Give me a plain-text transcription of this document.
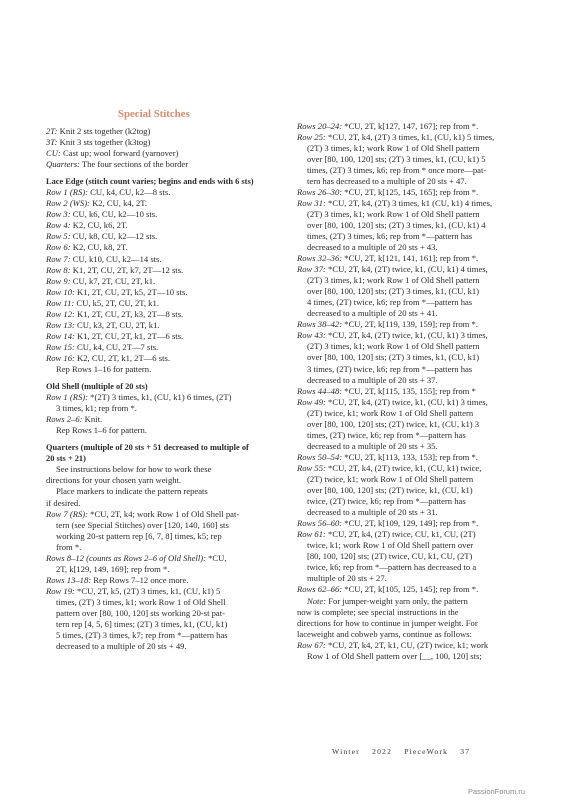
Special Stitches
2T: Knit 2 sts together (k2tog)
3T: Knit 3 sts together (k3tog)
CU: Cast up; wool forward (yarnover)
Quarters: The four sections of the border
Lace Edge (stitch count varies; begins and ends with 6 sts)
Row 1 (RS): CU, k4, CU, k2—8 sts.
Row 2 (WS): K2, CU, k4, 2T.
Row 3: CU, k6, CU, k2—10 sts.
Row 4: K2, CU, k6, 2T.
Row 5: CU, k8, CU, k2—12 sts.
Row 6: K2, CU, k8, 2T.
Row 7: CU, k10, CU, k2—14 sts.
Row 8: K1, 2T, CU, 2T, k7, 2T—12 sts.
Row 9: CU, k7, 2T, CU, 2T, k1.
Row 10: K1, 2T, CU, 2T, k5, 2T—10 sts.
Row 11: CU, k5, 2T, CU, 2T, k1.
Row 12: K1, 2T, CU, 2T, k3, 2T—8 sts.
Row 13: CU, k3, 2T, CU, 2T, k1.
Row 14: K1, 2T, CU, 2T, k1, 2T—6 sts.
Row 15: CU, k4, CU, 2T—7 sts.
Row 16: K2, CU, 2T, k1, 2T—6 sts.
Rep Rows 1–16 for pattern.
Old Shell (multiple of 20 sts)
Row 1 (RS): *(2T) 3 times, k1, (CU, k1) 6 times, (2T)
3 times, k1; rep from *.
Rows 2–6: Knit.
Rep Rows 1–6 for pattern.
Quarters (multiple of 20 sts + 51 decreased to multiple of
20 sts + 21)
See instructions below for how to work these
directions for your chosen yarn weight.
Place markers to indicate the pattern repeats
if desired.
Row 7 (RS): *CU, 2T, k4; work Row 1 of Old Shell pat-
tern (see Special Stitches) over [120, 140, 160] sts
working 20-st pattern rep [6, 7, 8] times, k5; rep
from *.
Rows 8–12 (counts as Rows 2–6 of Old Shell): *CU,
2T, k[129, 149, 169]; rep from *.
Rows 13–18: Rep Rows 7–12 once more.
Row 19: *CU, 2T, k5, (2T) 3 times, k1, (CU, k1) 5
times, (2T) 3 times, k1; work Row 1 of Old Shell
pattern over [80, 100, 120] sts working 20-st pat-
tern rep [4, 5, 6] times; (2T) 3 times, k1, (CU, k1)
5 times, (2T) 3 times, k7; rep from *—pattern has
decreased to a multiple of 20 sts + 49.
Rows 20–24: *CU, 2T, k[127, 147, 167]; rep from *.
Row 25: *CU, 2T, k4, (2T) 3 times, k1, (CU, k1) 5 times,
(2T) 3 times, k1; work Row 1 of Old Shell pattern
over [80, 100, 120] sts; (2T) 3 times, k1, (CU, k1) 5
times, (2T) 3 times, k6; rep from * once more—pat-
tern has decreased to a multiple of 20 sts + 47.
Rows 26–30: *CU, 2T, k[125, 145, 165]; rep from *.
Row 31: *CU, 2T, k4, (2T) 3 times, k1 (CU, k1) 4 times,
(2T) 3 times, k1; work Row 1 of Old Shell pattern
over [80, 100, 120] sts; (2T) 3 times, k1, (CU, k1) 4
times, (2T) 3 times, k6; rep from *—pattern has
decreased to a multiple of 20 sts + 43.
Rows 32–36: *CU, 2T, k[121, 141, 161]; rep from *.
Row 37: *CU, 2T, k4, (2T) twice, k1, (CU, k1) 4 times,
(2T) 3 times, k1; work Row 1 of Old Shell pattern
over [80, 100, 120] sts; (2T) 3 times, k1, (CU, k1)
4 times, (2T) twice, k6; rep from *—pattern has
decreased to a multiple of 20 sts + 41.
Rows 38–42: *CU, 2T, k[119, 139, 159]; rep from *.
Row 43: *CU, 2T, k4, (2T) twice, k1, (CU, k1) 3 times,
(2T) 3 times, k1; work Row 1 of Old Shell pattern
over [80, 100, 120] sts; (2T) 3 times, k1, (CU, k1)
3 times, (2T) twice, k6; rep from *—pattern has
decreased to a multiple of 20 sts + 37.
Rows 44–48: *CU, 2T, k[115, 135, 155]; rep from *
Row 49: *CU, 2T, k4, (2T) twice, k1, (CU, k1) 3 times,
(2T) twice, k1; work Row 1 of Old Shell pattern
over [80, 100, 120] sts; (2T) twice, k1, (CU, k1) 3
times, (2T) twice, k6; rep from *—pattern has
decreased to a multiple of 20 sts + 35.
Rows 50–54: *CU, 2T, k[113, 133, 153]; rep from *.
Row 55: *CU, 2T, k4, (2T) twice, k1, (CU, k1) twice,
(2T) twice, k1; work Row 1 of Old Shell pattern
over [80, 100, 120] sts; (2T) twice, k1, (CU, k1)
twice, (2T) twice, k6; rep from *—pattern has
decreased to a multiple of 20 sts + 31.
Rows 56–60: *CU, 2T, k[109, 129, 149]; rep from *.
Row 61: *CU, 2T, k4, (2T) twice, CU, k1, CU, (2T)
twice, k1; work Row 1 of Old Shell pattern over
[80, 100, 120] sts; (2T) twice, CU, k1, CU, (2T)
twice, k6; rep from *—pattern has decreased to a
multiple of 20 sts + 27.
Rows 62–66: *CU, 2T, k[105, 125, 145]; rep from *.
Note: For jumper-weight yarn only, the pattern
now is complete; see special instructions in the
directions for how to continue in jumper weight. For
laceweight and cobweb yarns, continue as follows:
Row 67: *CU, 2T, k4, 2T, k1, CU, (2T) twice, k1; work
Row 1 of Old Shell pattern over [__, 100, 120] sts;
Winter 2022 PieceWork 37
PassionForum.ru
